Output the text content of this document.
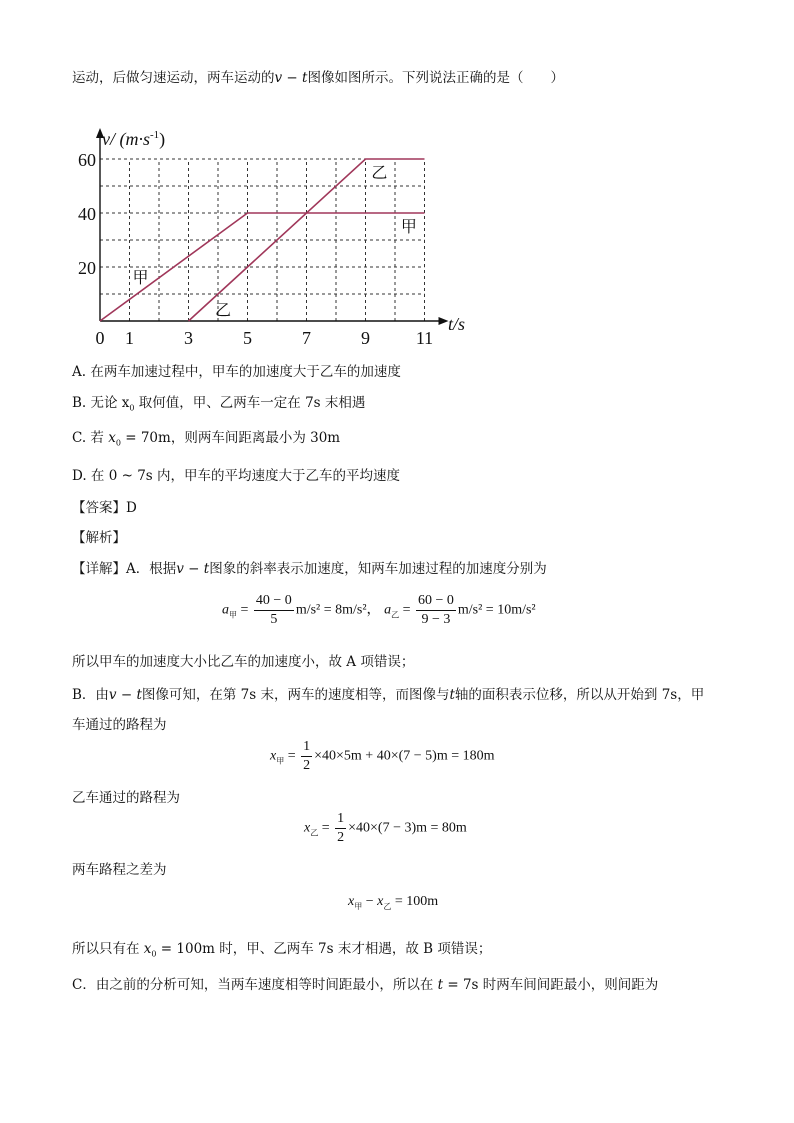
运动，后做匀速运动，两车运动的v − t图像如图所示。下列说法正确的是（　　）
甲
甲
乙
乙
0 1	3	5	7	9	11
20
40
60
v/ $(m\cdot s^{-1})$
t/s
A. 在两车加速过程中，甲车的加速度大于乙车的加速度
B. 无论 $x_0$ 取何值，甲、乙两车一定在 7s 末相遇
C. 若 $x_0 = 70m$，则两车间距离最小为 30m
D. 在 0 ~ 7s 内，甲车的平均速度大于乙车的平均速度
【答案】D
【解析】
【详解】A．根据v − t图象的斜率表示加速度，知两车加速过程的加速度分别为
$a_甲 = \frac{40 - 0}{5} m/s^2 = 8m/s^2$， $a_乙 = \frac{60 - 0}{9 - 3} m/s^2 = 10m/s^2$
所以甲车的加速度大小比乙车的加速度小，故 A 项错误；
B．由v − t图像可知，在第 7s 末，两车的速度相等，而图像与t轴的面积表示位移，所以从开始到 7s，甲
车通过的路程为
$x_甲 = \frac{1}{2} \times 40\times 5m + 40\times(7 - 5)m = 180m$
乙车通过的路程为
$x_乙 = \frac{1}{2} \times 40\times(7 - 3)m = 80m$
两车路程之差为
$x_甲 - x_乙 = 100m$
所以只有在 $x_0 = 100m$ 时，甲、乙两车 7s 末才相遇，故 B 项错误；
C．由之前的分析可知，当两车速度相等时间距最小，所以在 t = 7s 时两车间间距最小，则间距为
